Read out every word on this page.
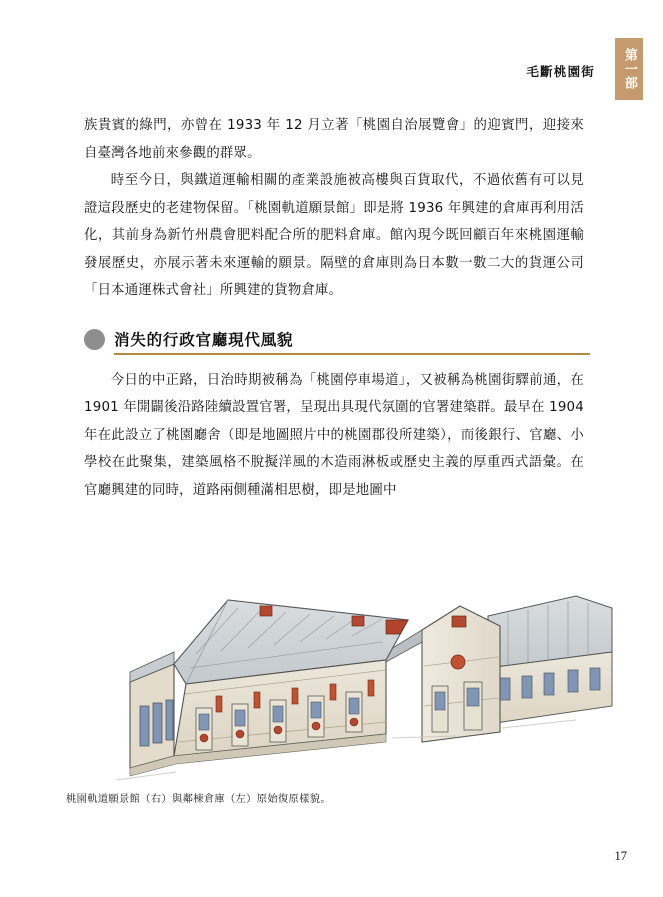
第一部
毛斷桃園街

族貴賓的綠門，亦曾在 1933 年 12 月立著「桃園自治展覽會」的迎賓門，迎接來自臺灣各地前來參觀的群眾。

時至今日，與鐵道運輸相關的產業設施被高樓與百貨取代，不過依舊有可以見證這段歷史的老建物保留。「桃園軌道願景館」即是將 1936 年興建的倉庫再利用活化，其前身為新竹州農會肥料配合所的肥料倉庫。館內現今既回顧百年來桃園運輸發展歷史，亦展示著未來運輸的願景。隔壁的倉庫則為日本數一數二大的貨運公司「日本通運株式會社」所興建的貨物倉庫。

消失的行政官廳現代風貌

今日的中正路，日治時期被稱為「桃園停車場道」，又被稱為桃園街驛前通，在 1901 年開闢後沿路陸續設置官署，呈現出具現代氛圍的官署建築群。最早在 1904 年在此設立了桃園廳舍（即是地圖照片中的桃園郡役所建築），而後銀行、官廳、小學校在此聚集，建築風格不脫擬洋風的木造雨淋板或歷史主義的厚重西式語彙。在官廳興建的同時，道路兩側種滿相思樹，即是地圖中

桃園軌道願景館（右）與鄰棟倉庫（左）原始復原樣貌。
17
